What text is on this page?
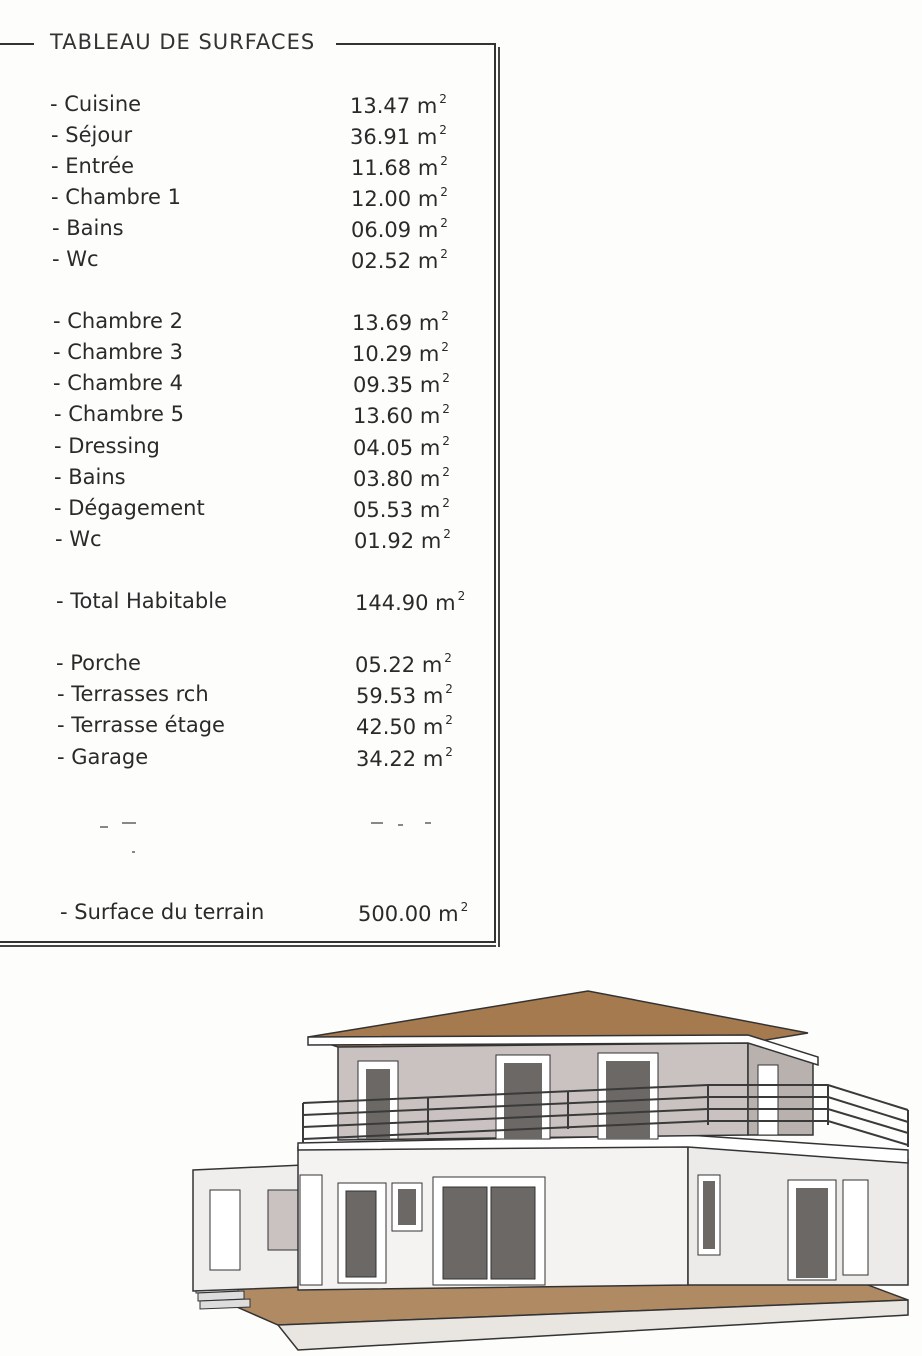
TABLEAU DE SURFACES
- Cuisine	13.47 m $^2$
- Séjour	36.91 m $^2$
- Entrée	11.68 m $^2$
- Chambre 1	12.00 m $^2$
- Bains	06.09 m $^2$
- Wc	02.52 m $^2$
- Chambre 2	13.69 m $^2$
- Chambre 3	10.29 m $^2$
- Chambre 4	09.35 m $^2$
- Chambre 5	13.60 m $^2$
- Dressing	04.05 m $^2$
- Bains	03.80 m $^2$
- Dégagement	05.53 m $^2$
- Wc	01.92 m $^2$
- Total Habitable	144.90 m $^2$
- Porche	05.22 m $^2$
- Terrasses rch	59.53 m $^2$
- Terrasse étage	42.50 m $^2$
- Garage	34.22 m $^2$
- Surface du terrain	500.00 m $^2$
